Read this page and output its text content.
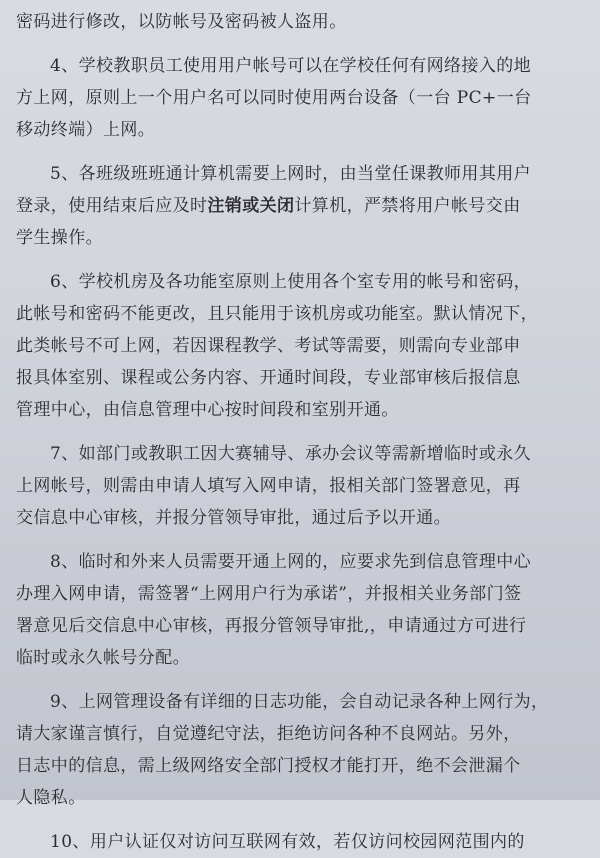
密码进行修改，以防帐号及密码被人盗用。
4、学校教职员工使用用户帐号可以在学校任何有网络接入的地
方上网，原则上一个用户名可以同时使用两台设备（一台 PC+一台
移动终端）上网。
5、各班级班班通计算机需要上网时，由当堂任课教师用其用户
登录，使用结束后应及时注销或关闭计算机，严禁将用户帐号交由
学生操作。
6、学校机房及各功能室原则上使用各个室专用的帐号和密码，
此帐号和密码不能更改，且只能用于该机房或功能室。默认情况下，
此类帐号不可上网，若因课程教学、考试等需要，则需向专业部申
报具体室别、课程或公务内容、开通时间段，专业部审核后报信息
管理中心，由信息管理中心按时间段和室别开通。
7、如部门或教职工因大赛辅导、承办会议等需新增临时或永久
上网帐号，则需由申请人填写入网申请，报相关部门签署意见，再
交信息中心审核，并报分管领导审批，通过后予以开通。
8、临时和外来人员需要开通上网的，应要求先到信息管理中心
办理入网申请，需签署“上网用户行为承诺”，并报相关业务部门签
署意见后交信息中心审核，再报分管领导审批,，申请通过方可进行
临时或永久帐号分配。
9、上网管理设备有详细的日志功能，会自动记录各种上网行为，
请大家谨言慎行，自觉遵纪守法，拒绝访问各种不良网站。另外，
日志中的信息，需上级网络安全部门授权才能打开，绝不会泄漏个
人隐私。
10、用户认证仅对访问互联网有效，若仅访问校园网范围内的
